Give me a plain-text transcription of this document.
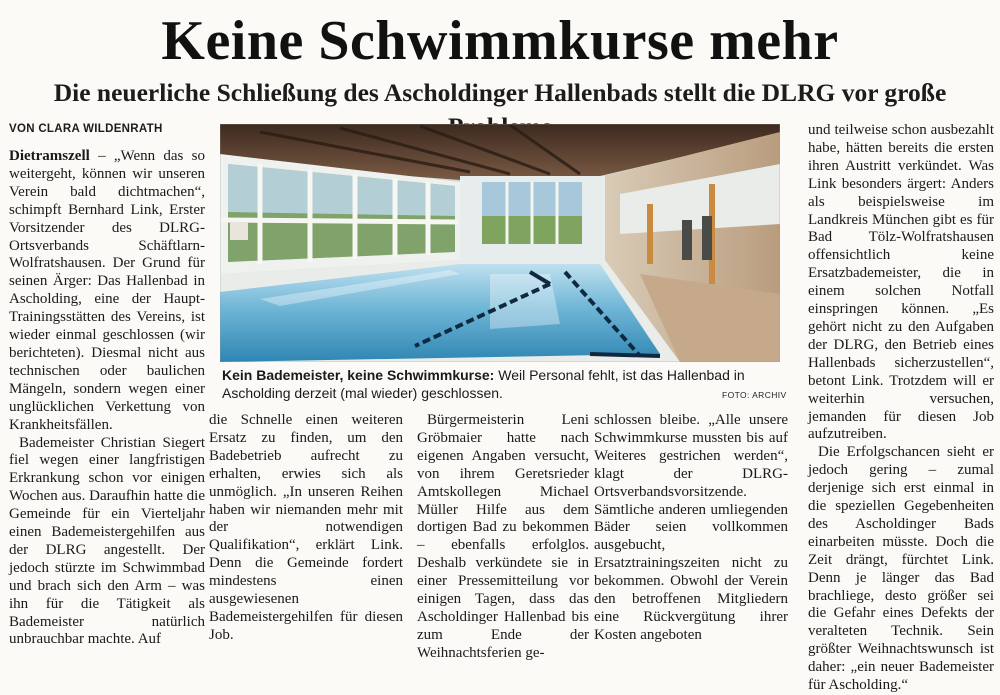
Keine Schwimmkurse mehr
Die neuerliche Schließung des Ascholdinger Hallenbads stellt die DLRG vor große
VON CLARA WILDENRATH

Dietramszell – „Wenn das so weitergeht, können wir unseren Verein bald dichtmachen“, schimpft Bernhard Link, Erster Vorsitzender des DLRG-Ortsverbands Schäftlarn-Wolfratshausen. Der Grund für seinen Ärger: Das Hallenbad in Ascholding, eine der Haupt-Trainingsstätten des Vereins, ist wieder einmal geschlossen (wir berichteten). Diesmal nicht aus technischen oder baulichen Mängeln, sondern wegen einer unglücklichen Verkettung von Krankheitsfällen.

Bademeister Christian Siegert fiel wegen einer langfristigen Erkrankung schon vor einigen Wochen aus. Daraufhin hatte die Gemeinde für ein Vierteljahr einen Bademeistergehilfen aus der DLRG angestellt. Der jedoch stürzte im Schwimmbad und brach sich den Arm – was ihn für die Tätigkeit als Bademeister natürlich unbrauchbar machte. Auf

Kein Bademeister, keine Schwimmkurse: Weil Personal fehlt, ist das Hallenbad in Ascholding derzeit (mal wieder) geschlossen.	FOTO: ARCHIV

die Schnelle einen weiteren Ersatz zu finden, um den Badebetrieb aufrecht zu erhalten, erwies sich als unmöglich. „In unseren Reihen haben wir niemanden mehr mit der notwendigen Qualifikation“, erklärt Link. Denn die Gemeinde fordert mindestens einen ausgewiesenen Bademeistergehilfen für diesen Job.

Bürgermeisterin Leni Gröbmaier hatte nach eigenen Angaben versucht, von ihrem Geretsrieder Amtskollegen Michael Müller Hilfe aus dem dortigen Bad zu bekommen – ebenfalls erfolglos. Deshalb verkündete sie in einer Pressemitteilung vor einigen Tagen, dass das Ascholdinger Hallenbad bis zum Ende der Weihnachtsferien ge-

schlossen bleibe. „Alle unsere Schwimmkurse mussten bis auf Weiteres gestrichen werden“, klagt der DLRG-Ortsverbandsvorsitzende. Sämtliche anderen umliegenden Bäder seien vollkommen ausgebucht, Ersatztrainingszeiten nicht zu bekommen. Obwohl der Verein den betroffenen Mitgliedern eine Rückvergütung ihrer Kosten angeboten

und teilweise schon ausbezahlt habe, hätten bereits die ersten ihren Austritt verkündet. Was Link besonders ärgert: Anders als beispielsweise im Landkreis München gibt es für Bad Tölz-Wolfratshausen offensichtlich keine Ersatzbademeister, die in einem solchen Notfall einspringen können. „Es gehört nicht zu den Aufgaben der DLRG, den Betrieb eines Hallenbads sicherzustellen“, betont Link. Trotzdem will er weiterhin versuchen, jemanden für diesen Job aufzutreiben.

Die Erfolgschancen sieht er jedoch gering – zumal derjenige sich erst einmal in die speziellen Gegebenheiten des Ascholdinger Bads einarbeiten müsste. Doch die Zeit drängt, fürchtet Link. Denn je länger das Bad brachliege, desto größer sei die Gefahr eines Defekts der veralteten Technik. Sein größter Weihnachtswunsch ist daher: „ein neuer Bademeister für Ascholding.“
